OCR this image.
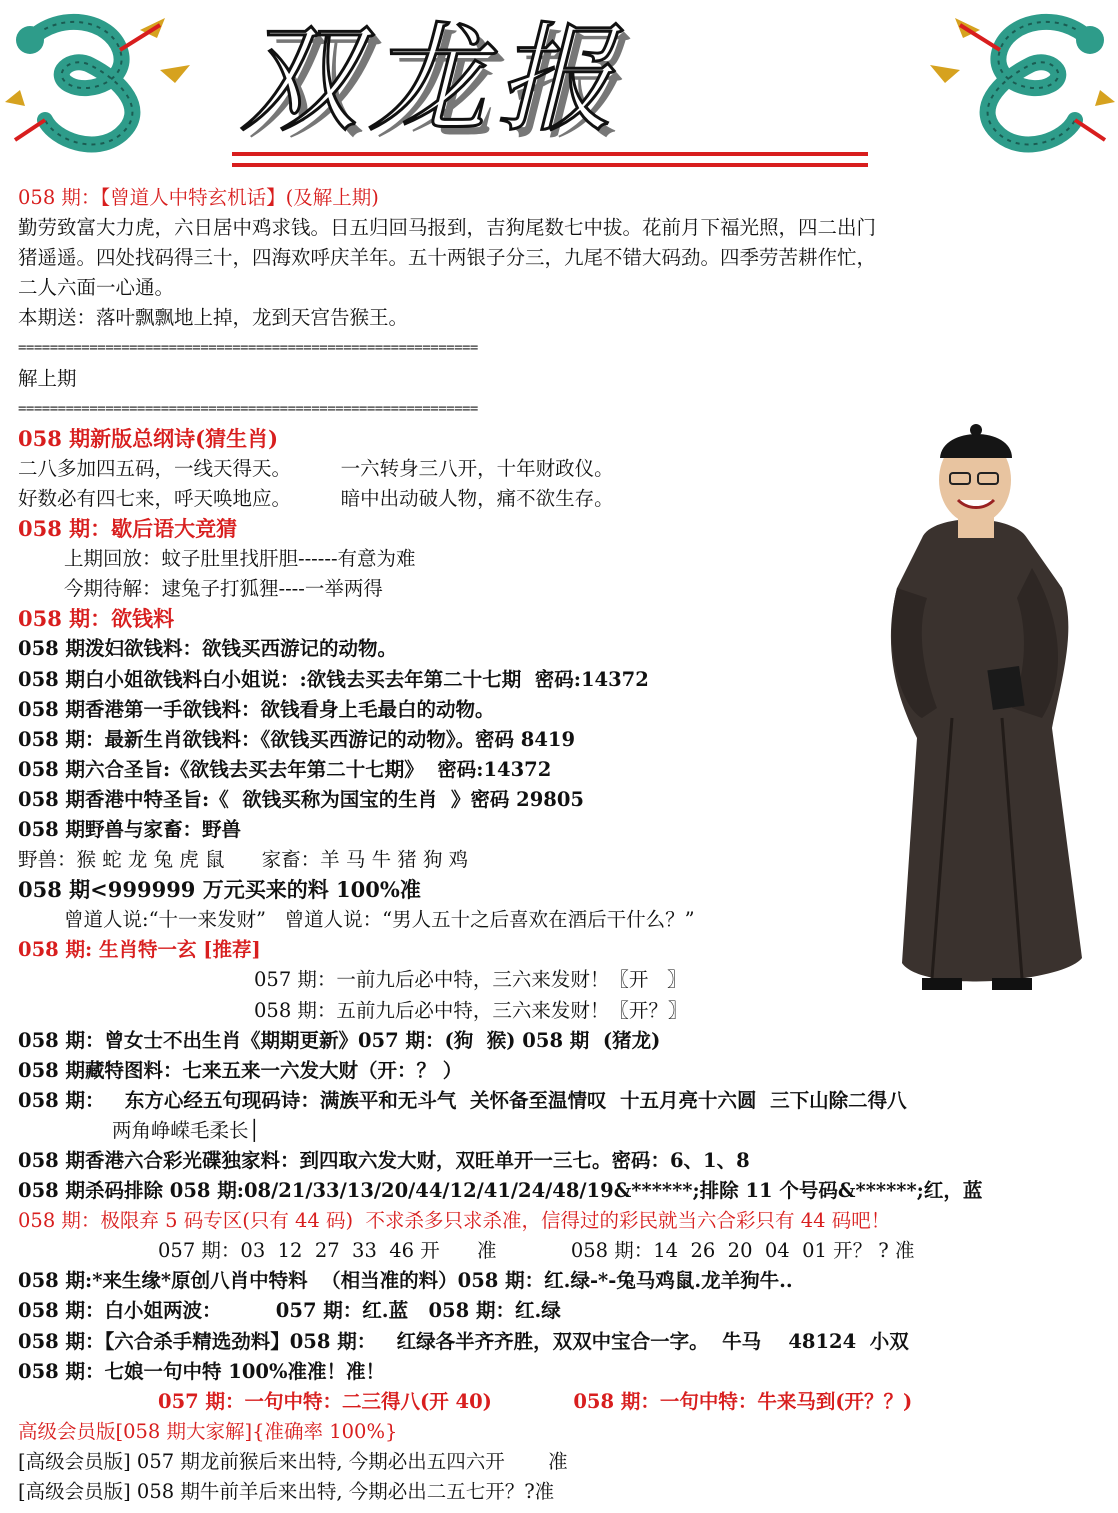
双龙报
058 期：【曾道人中特玄机话】(及解上期)
勤劳致富大力虎，六日居中鸡求钱。日五归回马报到，吉狗尾数七中拔。花前月下福光照，四二出门
猪遥遥。四处找码得三十，四海欢呼庆羊年。五十两银子分三，九尾不错大码劲。四季劳苦耕作忙，
二人六面一心通。
本期送：落叶飘飘地上掉，龙到天宫告猴王。
==========================================================
解上期
==========================================================
058 期新版总纲诗(猜生肖)
二八多加四五码，一线天得天。        一六转身三八开，十年财政仪。
好数必有四七来，呼天唤地应。        暗中出动破人物，痛不欲生存。
058 期：歇后语大竞猜
上期回放：蚊子肚里找肝胆------有意为难
今期待解：逮兔子打狐狸----一举两得
058 期：欲钱料
058 期泼妇欲钱料：欲钱买西游记的动物。
058 期白小姐欲钱料白小姐说：:欲钱去买去年第二十七期  密码:14372
058 期香港第一手欲钱料：欲钱看身上毛最白的动物。
058 期：最新生肖欲钱料：《欲钱买西游记的动物》。密码 8419
058 期六合圣旨:《欲钱去买去年第二十七期》  密码:14372
058 期香港中特圣旨:《  欲钱买称为国宝的生肖  》密码 29805
058 期野兽与家畜：野兽
野兽：猴 蛇 龙 兔 虎 鼠      家畜：羊 马 牛 猪 狗 鸡
058 期<999999 万元买来的料 100%准
曾道人说:“十一来发财”   曾道人说：“男人五十之后喜欢在酒后干什么？”
058 期: 生肖特一玄 [推荐]
057 期：一前九后必中特，三六来发财！〖开   〗
058 期：五前九后必中特，三六来发财！〖开？〗
058 期：曾女士不出生肖《期期更新》057 期：(狗  猴) 058 期  (猪龙)
058 期藏特图料：七来五来一六发大财（开：？ ）
058 期：   东方心经五句现码诗：满族平和无斗气  关怀备至温情叹  十五月亮十六圆  三下山除二得八
两角峥嵘毛柔长│
058 期香港六合彩光碟独家料：到四取六发大财，双旺单开一三七。密码：6、1、8
058 期杀码排除 058 期:08/21/33/13/20/44/12/41/24/48/19&******;排除 11 个号码&******;红，蓝
058 期：极限弃 5 码专区(只有 44 码)  不求杀多只求杀准，信得过的彩民就当六合彩只有 44 码吧！
057 期：03  12  27  33  46 开      准            058 期：14  26  20  04  01 开？ ? 准
058 期:*来生缘*原创八肖中特料  （相当准的料）058 期：红.绿-*-兔马鸡鼠.龙羊狗牛..
058 期：白小姐两波：        057 期：红.蓝   058 期：红.绿
058 期：【六合杀手精选劲料】058 期：   红绿各半齐齐胜，双双中宝合一字。  牛马    48124  小双
058 期：七娘一句中特 100%准准！准！
057 期：一句中特：二三得八(开 40)            058 期：一句中特：牛来马到(开？？)
高级会员版[058 期大家解]{准确率 100%}
[高级会员版] 057 期龙前猴后来出特, 今期必出五四六开       准
[高级会员版] 058 期牛前羊后来出特, 今期必出二五七开？?准
